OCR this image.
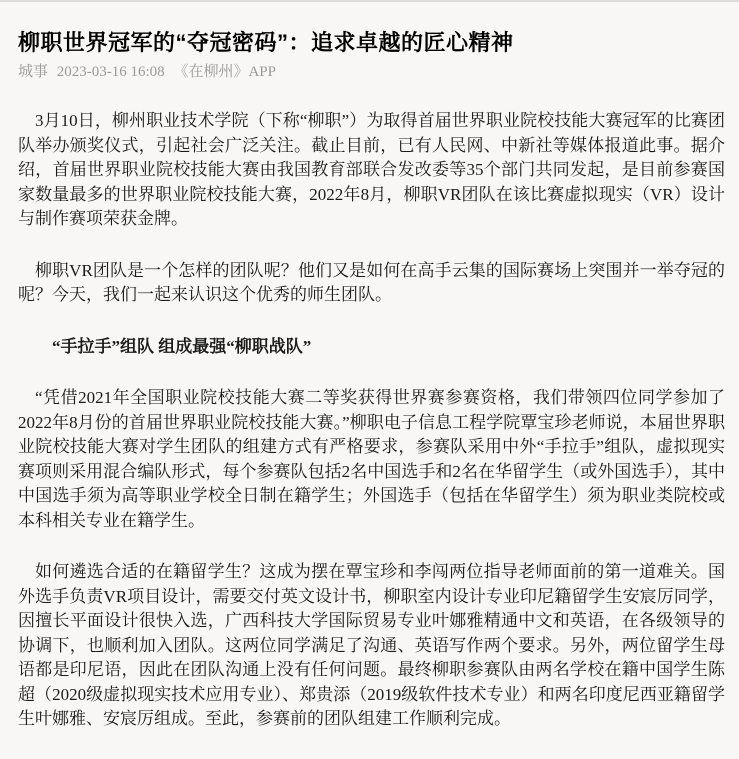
柳职世界冠军的“夺冠密码”：追求卓越的匠心精神
城事 2023-03-16 16:08 《在柳州》APP

3月10日，柳州职业技术学院（下称“柳职”）为取得首届世界职业院校技能大赛冠军的比赛团队举办颁奖仪式，引起社会广泛关注。截止目前，已有人民网、中新社等媒体报道此事。据介绍，首届世界职业院校技能大赛由我国教育部联合发改委等35个部门共同发起，是目前参赛国家数量最多的世界职业院校技能大赛，2022年8月，柳职VR团队在该比赛虚拟现实（VR）设计与制作赛项荣获金牌。

柳职VR团队是一个怎样的团队呢？他们又是如何在高手云集的国际赛场上突围并一举夺冠的呢？今天，我们一起来认识这个优秀的师生团队。

“手拉手”组队 组成最强“柳职战队”

“凭借2021年全国职业院校技能大赛二等奖获得世界赛参赛资格，我们带领四位同学参加了2022年8月份的首届世界职业院校技能大赛。”柳职电子信息工程学院覃宝珍老师说，本届世界职业院校技能大赛对学生团队的组建方式有严格要求，参赛队采用中外“手拉手”组队，虚拟现实赛项则采用混合编队形式，每个参赛队包括2名中国选手和2名在华留学生（或外国选手），其中中国选手须为高等职业学校全日制在籍学生；外国选手（包括在华留学生）须为职业类院校或本科相关专业在籍学生。

如何遴选合适的在籍留学生？这成为摆在覃宝珍和李闯两位指导老师面前的第一道难关。国外选手负责VR项目设计，需要交付英文设计书，柳职室内设计专业印尼籍留学生安宸厉同学，因擅长平面设计很快入选，广西科技大学国际贸易专业叶娜雅精通中文和英语，在各级领导的协调下，也顺利加入团队。这两位同学满足了沟通、英语写作两个要求。另外，两位留学生母语都是印尼语，因此在团队沟通上没有任何问题。最终柳职参赛队由两名学校在籍中国学生陈超（2020级虚拟现实技术应用专业）、郑贵添（2019级软件技术专业）和两名印度尼西亚籍留学生叶娜雅、安宸厉组成。至此，参赛前的团队组建工作顺利完成。
